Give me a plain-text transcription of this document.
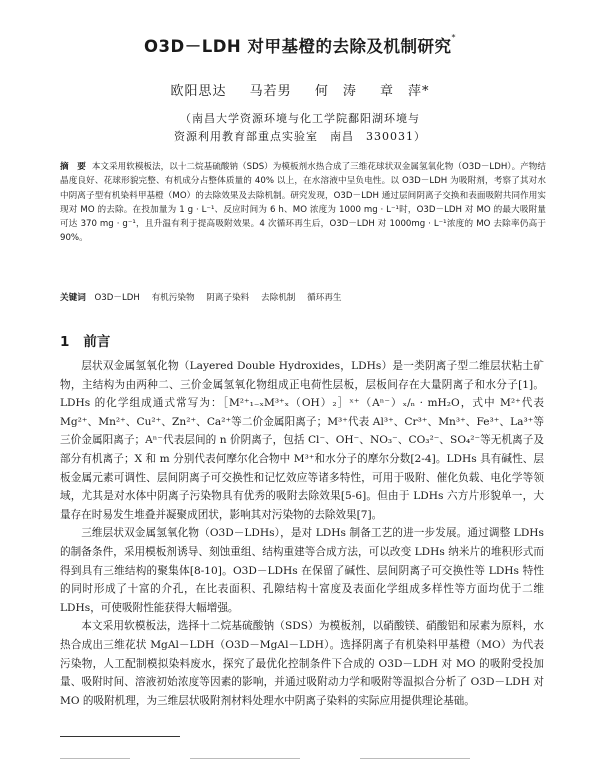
O3D－LDH 对甲基橙的去除及机制研究*
欧阳思达 马若男 何　涛 章　萍*
（南昌大学资源环境与化工学院鄱阳湖环境与
资源利用教育部重点实验室　南昌　330031）
摘　要 本文采用软模板法，以十二烷基硫酸钠（SDS）为模板剂水热合成了三维花球状双金属氢氧化物（O3D－LDH）。产物结晶度良好、花球形貌完整、有机成分占整体质量的 40% 以上，在水溶液中呈负电性。以 O3D－LDH 为吸附剂，考察了其对水中阴离子型有机染料甲基橙（MO）的去除效果及去除机制。研究发现，O3D－LDH 通过层间阴离子交换和表面吸附共同作用实现对 MO 的去除。在投加量为 1 g · L⁻¹、反应时间为 6 h、MO 浓度为 1000 mg · L⁻¹时，O3D－LDH 对 MO 的最大吸附量可达 370 mg · g⁻¹，且升温有利于提高吸附效果。4 次循环再生后，O3D－LDH 对 1000mg · L⁻¹浓度的 MO 去除率仍高于 90%。
关键词 O3D－LDH 有机污染物 阴离子染料 去除机制 循环再生
1 前言

层状双金属氢氧化物（Layered Double Hydroxides，LDHs）是一类阴离子型二维层状粘土矿物，主结构为由两种二、三价金属氢氧化物组成正电荷性层板，层板间存在大量阴离子和水分子[1]。LDHs 的化学组成通式常写为：［M²⁺₁₋ₓM³⁺ₓ（OH）₂］ˣ⁺（Aⁿ⁻）ₓ/ₙ · mH₂O，式中 M²⁺代表 Mg²⁺、Mn²⁺、Cu²⁺、Zn²⁺、Ca²⁺等二价金属阳离子；M³⁺代表 Al³⁺、Cr³⁺、Mn³⁺、Fe³⁺、La³⁺等三价金属阳离子；Aⁿ⁻代表层间的 n 价阴离子，包括 Cl⁻、OH⁻、NO₃⁻、CO₃²⁻、SO₄²⁻等无机离子及部分有机离子；X 和 m 分别代表何摩尔化合物中 M³⁺和水分子的摩尔分数[2-4]。LDHs 具有碱性、层板金属元素可调性、层间阴离子可交换性和记忆效应等诸多特性，可用于吸附、催化负载、电化学等领域，尤其是对水体中阴离子污染物具有优秀的吸附去除效果[5-6]。但由于 LDHs 六方片形貌单一，大量存在时易发生堆叠并凝聚成团状，影响其对污染物的去除效果[7]。

三维层状双金属氢氧化物（O3D－LDHs），是对 LDHs 制备工艺的进一步发展。通过调整 LDHs 的制备条件，采用模板剂诱导、刻蚀重组、结构重建等合成方法，可以改变 LDHs 纳米片的堆积形式而得到具有三维结构的聚集体[8-10]。O3D－LDHs 在保留了碱性、层间阴离子可交换性等 LDHs 特性的同时形成了十富的介孔，在比表面积、孔隙结构十富度及表面化学组成多样性等方面均优于二维 LDHs，可使吸附性能获得大幅增强。

本文采用软模板法，选择十二烷基硫酸钠（SDS）为模板剂，以硝酸镁、硝酸铝和尿素为原料，水热合成出三维花状 MgAl－LDH（O3D－MgAl－LDH）。选择阴离子有机染料甲基橙（MO）为代表污染物，人工配制模拟染料废水，探究了最优化控制条件下合成的 O3D－LDH 对 MO 的吸附受投加量、吸附时间、溶液初始浓度等因素的影响，并通过吸附动力学和吸附等温拟合分析了 O3D－LDH 对 MO 的吸附机理，为三维层状吸附剂材料处理水中阴离子染料的实际应用提供理论基础。
